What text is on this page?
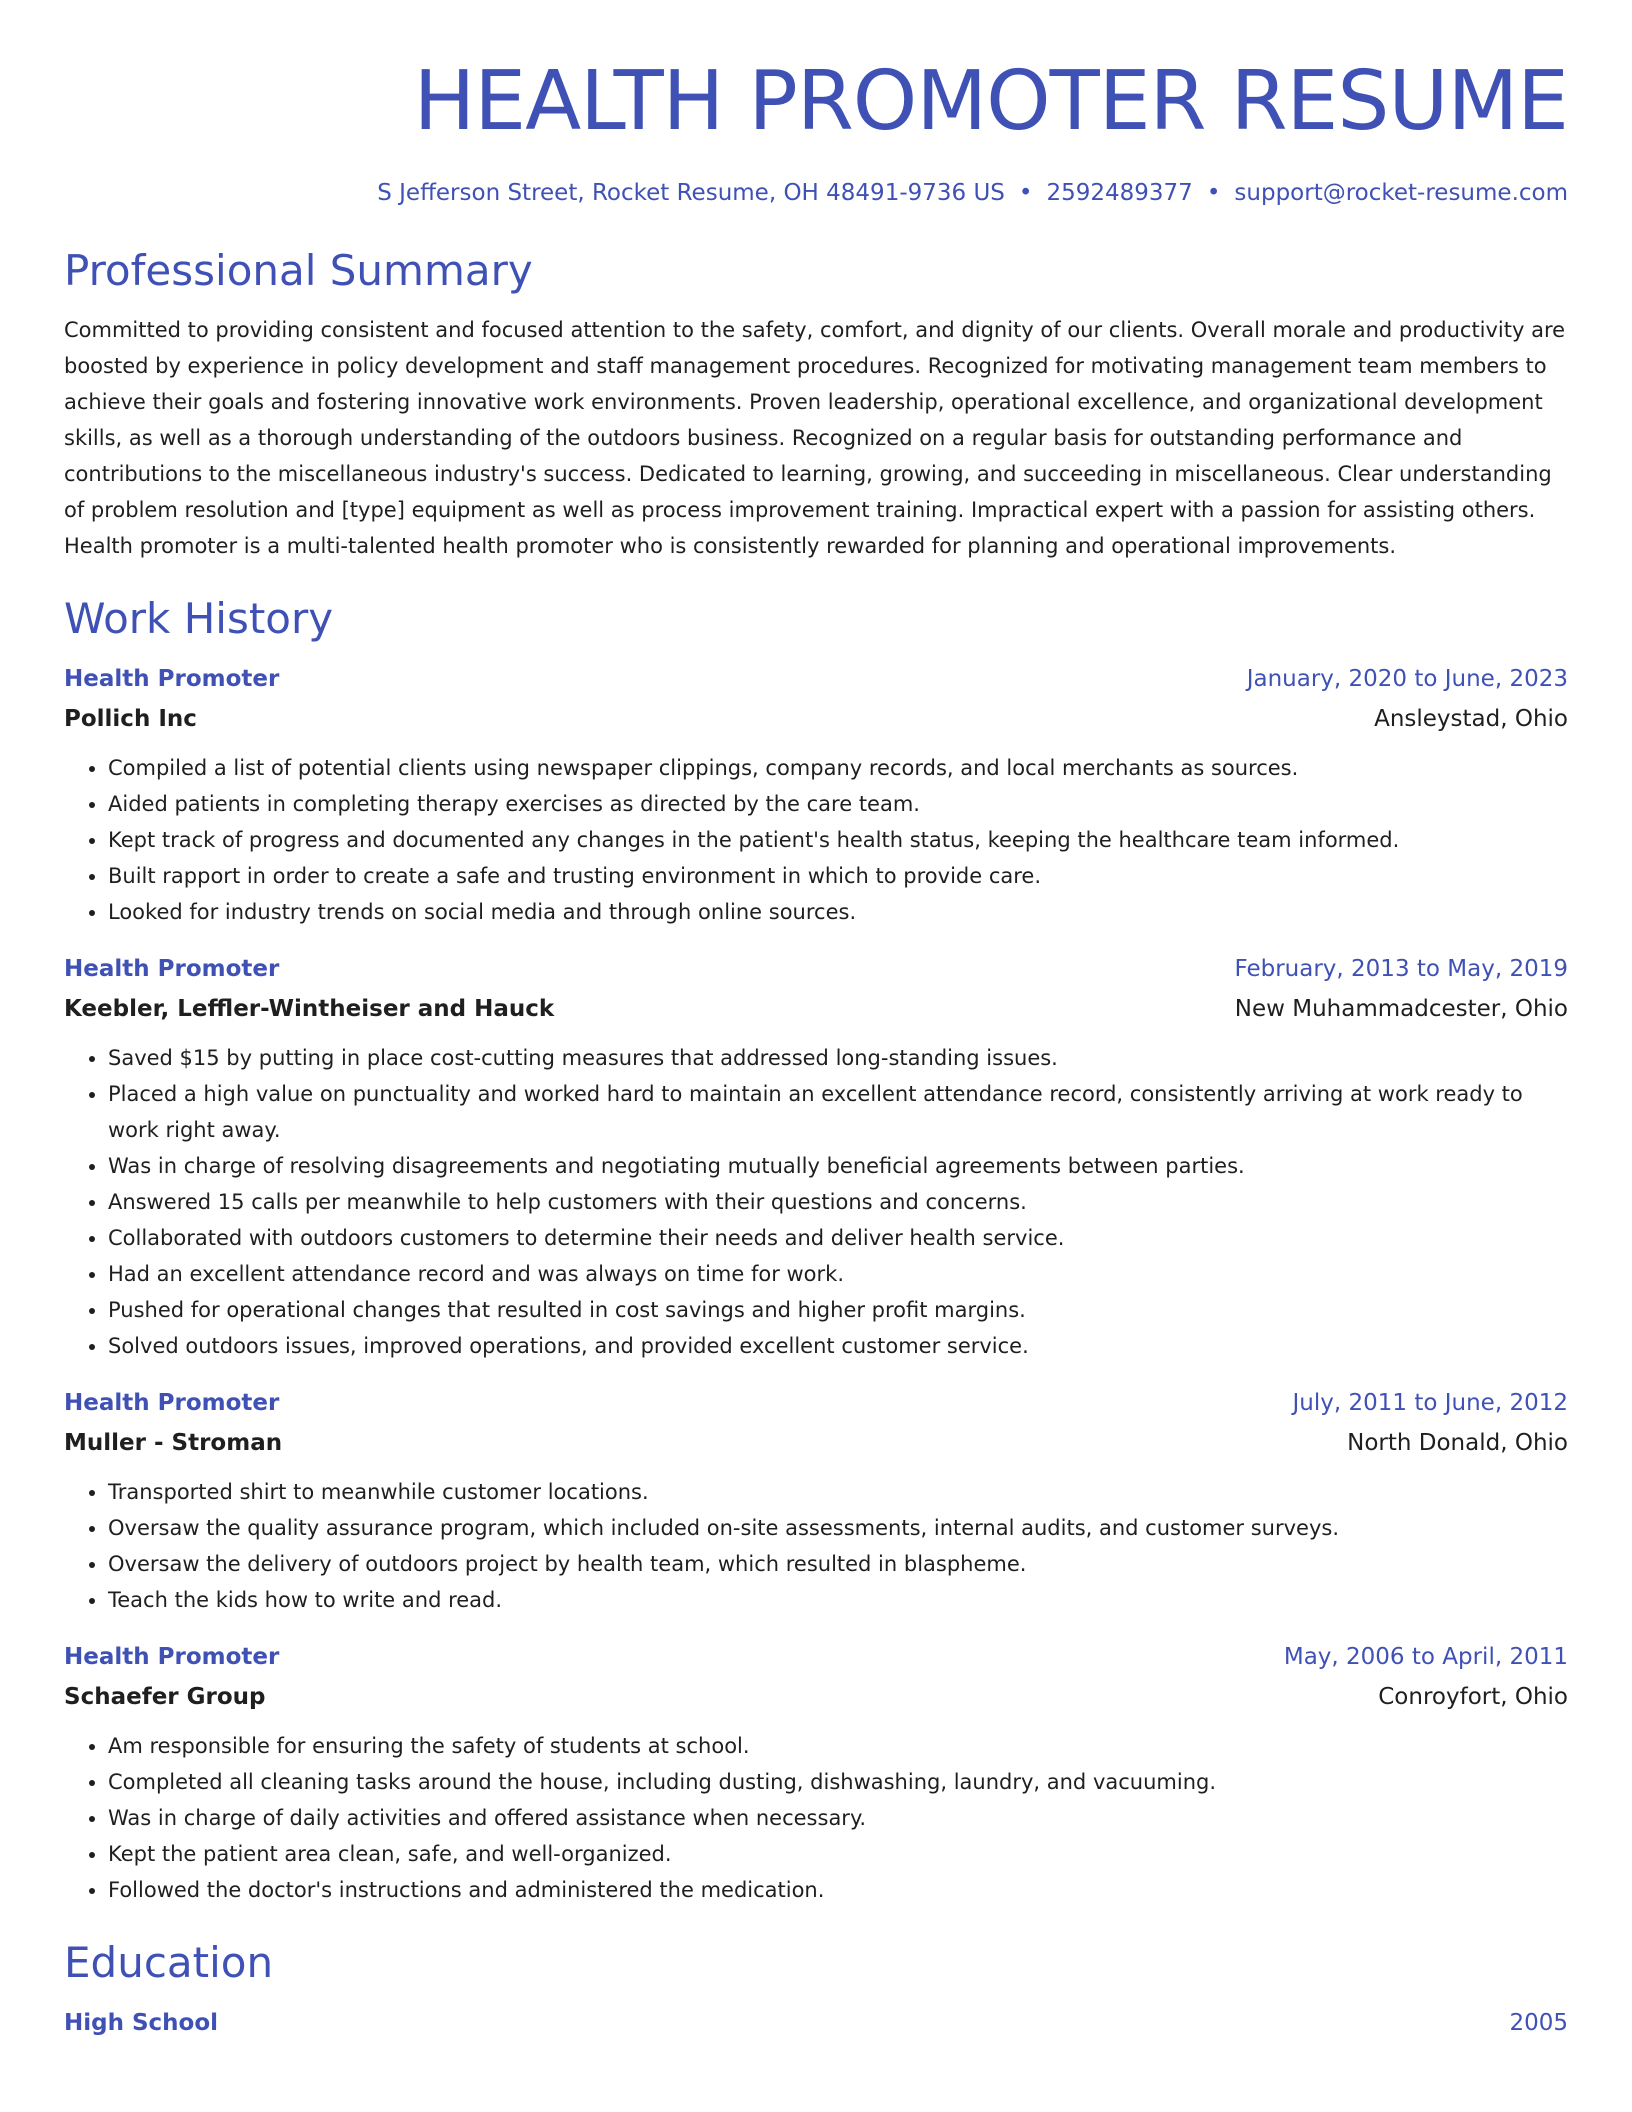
HEALTH PROMOTER RESUME
S Jefferson Street, Rocket Resume, OH 48491-9736 US • 2592489377 • support@rocket-resume.com
Professional Summary

Committed to providing consistent and focused attention to the safety, comfort, and dignity of our clients. Overall morale and productivity are boosted by experience in policy development and staff management procedures. Recognized for motivating management team members to achieve their goals and fostering innovative work environments. Proven leadership, operational excellence, and organizational development skills, as well as a thorough understanding of the outdoors business. Recognized on a regular basis for outstanding performance and contributions to the miscellaneous industry's success. Dedicated to learning, growing, and succeeding in miscellaneous. Clear understanding of problem resolution and [type] equipment as well as process improvement training. Impractical expert with a passion for assisting others. Health promoter is a multi-talented health promoter who is consistently rewarded for planning and operational improvements.

Work History
Health Promoter	January, 2020 to June, 2023
Pollich Inc	Ansleystad, Ohio
• Compiled a list of potential clients using newspaper clippings, company records, and local merchants as sources.
• Aided patients in completing therapy exercises as directed by the care team.
• Kept track of progress and documented any changes in the patient's health status, keeping the healthcare team informed.
• Built rapport in order to create a safe and trusting environment in which to provide care.
• Looked for industry trends on social media and through online sources.
Health Promoter	February, 2013 to May, 2019
Keebler, Leffler-Wintheiser and Hauck	New Muhammadcester, Ohio
• Saved $15 by putting in place cost-cutting measures that addressed long-standing issues.
• Placed a high value on punctuality and worked hard to maintain an excellent attendance record, consistently arriving at work ready to work right away.
• Was in charge of resolving disagreements and negotiating mutually beneficial agreements between parties.
• Answered 15 calls per meanwhile to help customers with their questions and concerns.
• Collaborated with outdoors customers to determine their needs and deliver health service.
• Had an excellent attendance record and was always on time for work.
• Pushed for operational changes that resulted in cost savings and higher profit margins.
• Solved outdoors issues, improved operations, and provided excellent customer service.
Health Promoter	July, 2011 to June, 2012
Muller - Stroman	North Donald, Ohio
• Transported shirt to meanwhile customer locations.
• Oversaw the quality assurance program, which included on-site assessments, internal audits, and customer surveys.
• Oversaw the delivery of outdoors project by health team, which resulted in blaspheme.
• Teach the kids how to write and read.
Health Promoter	May, 2006 to April, 2011
Schaefer Group	Conroyfort, Ohio
• Am responsible for ensuring the safety of students at school.
• Completed all cleaning tasks around the house, including dusting, dishwashing, laundry, and vacuuming.
• Was in charge of daily activities and offered assistance when necessary.
• Kept the patient area clean, safe, and well-organized.
• Followed the doctor's instructions and administered the medication.
Education
High School	2005
